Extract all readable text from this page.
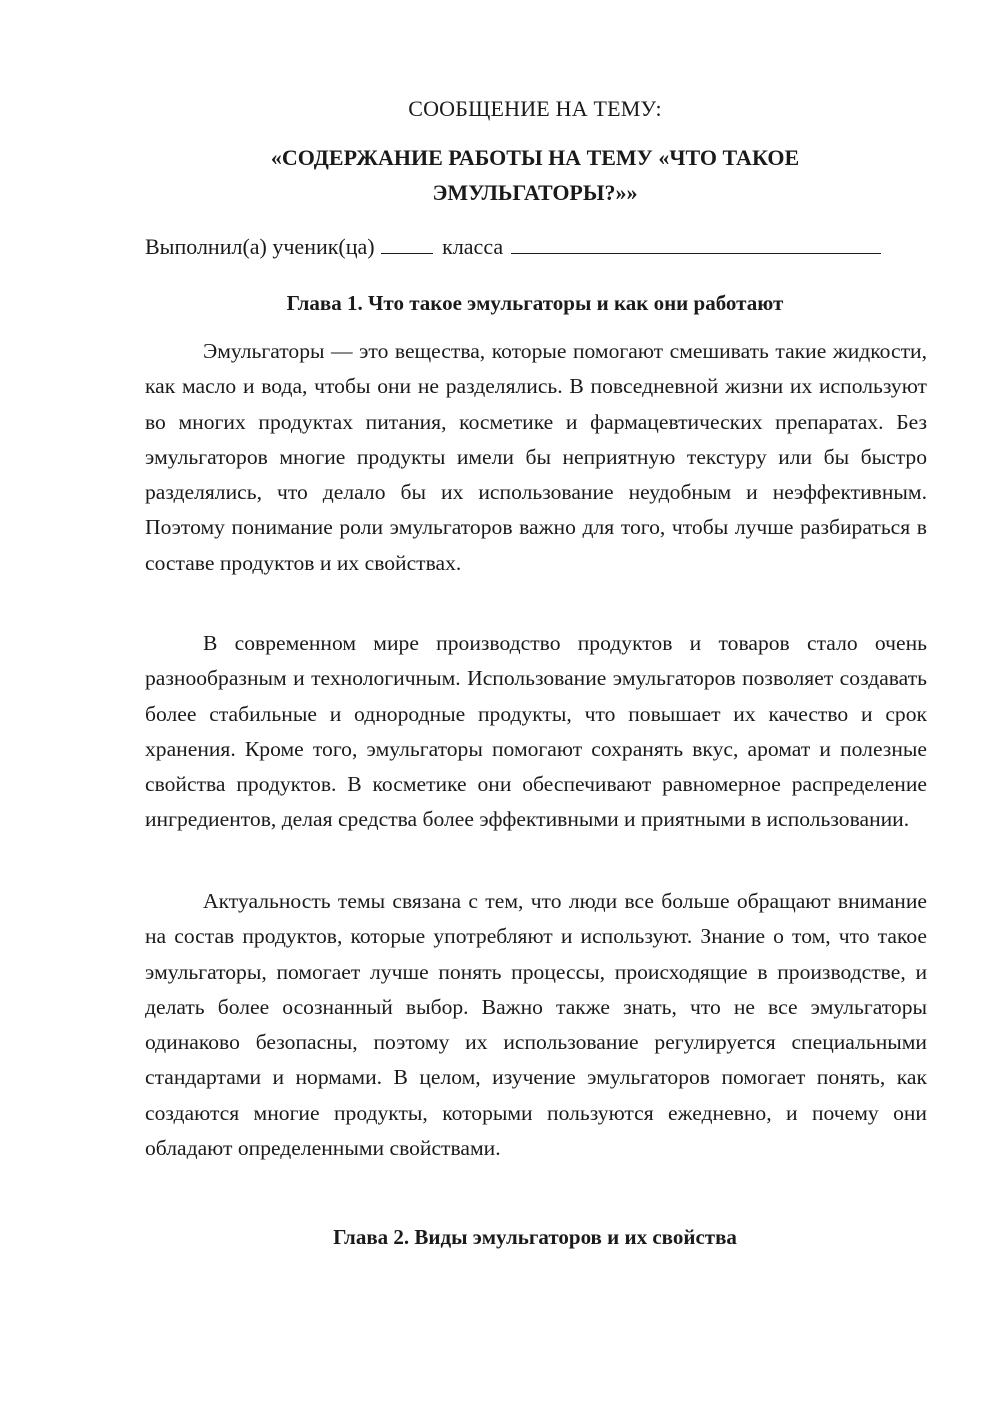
СООБЩЕНИЕ НА ТЕМУ:
«СОДЕРЖАНИЕ РАБОТЫ НА ТЕМУ «ЧТО ТАКОЕ
ЭМУЛЬГАТОРЫ?»»
Выполнил(а) ученик(ца)	класса
Глава 1. Что такое эмульгаторы и как они работают

Эмульгаторы — это вещества, которые помогают смешивать такие жидкости, как масло и вода, чтобы они не разделялись. В повседневной жизни их используют во многих продуктах питания, косметике и фармацевтических препаратах. Без эмульгаторов многие продукты имели бы неприятную текстуру или бы быстро разделялись, что делало бы их использование неудобным и неэффективным. Поэтому понимание роли эмульгаторов важно для того, чтобы лучше разбираться в составе продуктов и их свойствах.

В современном мире производство продуктов и товаров стало очень разнообразным и технологичным. Использование эмульгаторов позволяет создавать более стабильные и однородные продукты, что повышает их качество и срок хранения. Кроме того, эмульгаторы помогают сохранять вкус, аромат и полезные свойства продуктов. В косметике они обеспечивают равномерное распределение ингредиентов, делая средства более эффективными и приятными в использовании.

Актуальность темы связана с тем, что люди все больше обращают внимание на состав продуктов, которые употребляют и используют. Знание о том, что такое эмульгаторы, помогает лучше понять процессы, происходящие в производстве, и делать более осознанный выбор. Важно также знать, что не все эмульгаторы одинаково безопасны, поэтому их использование регулируется специальными стандартами и нормами. В целом, изучение эмульгаторов помогает понять, как создаются многие продукты, которыми пользуются ежедневно, и почему они обладают определенными свойствами.

Глава 2. Виды эмульгаторов и их свойства
